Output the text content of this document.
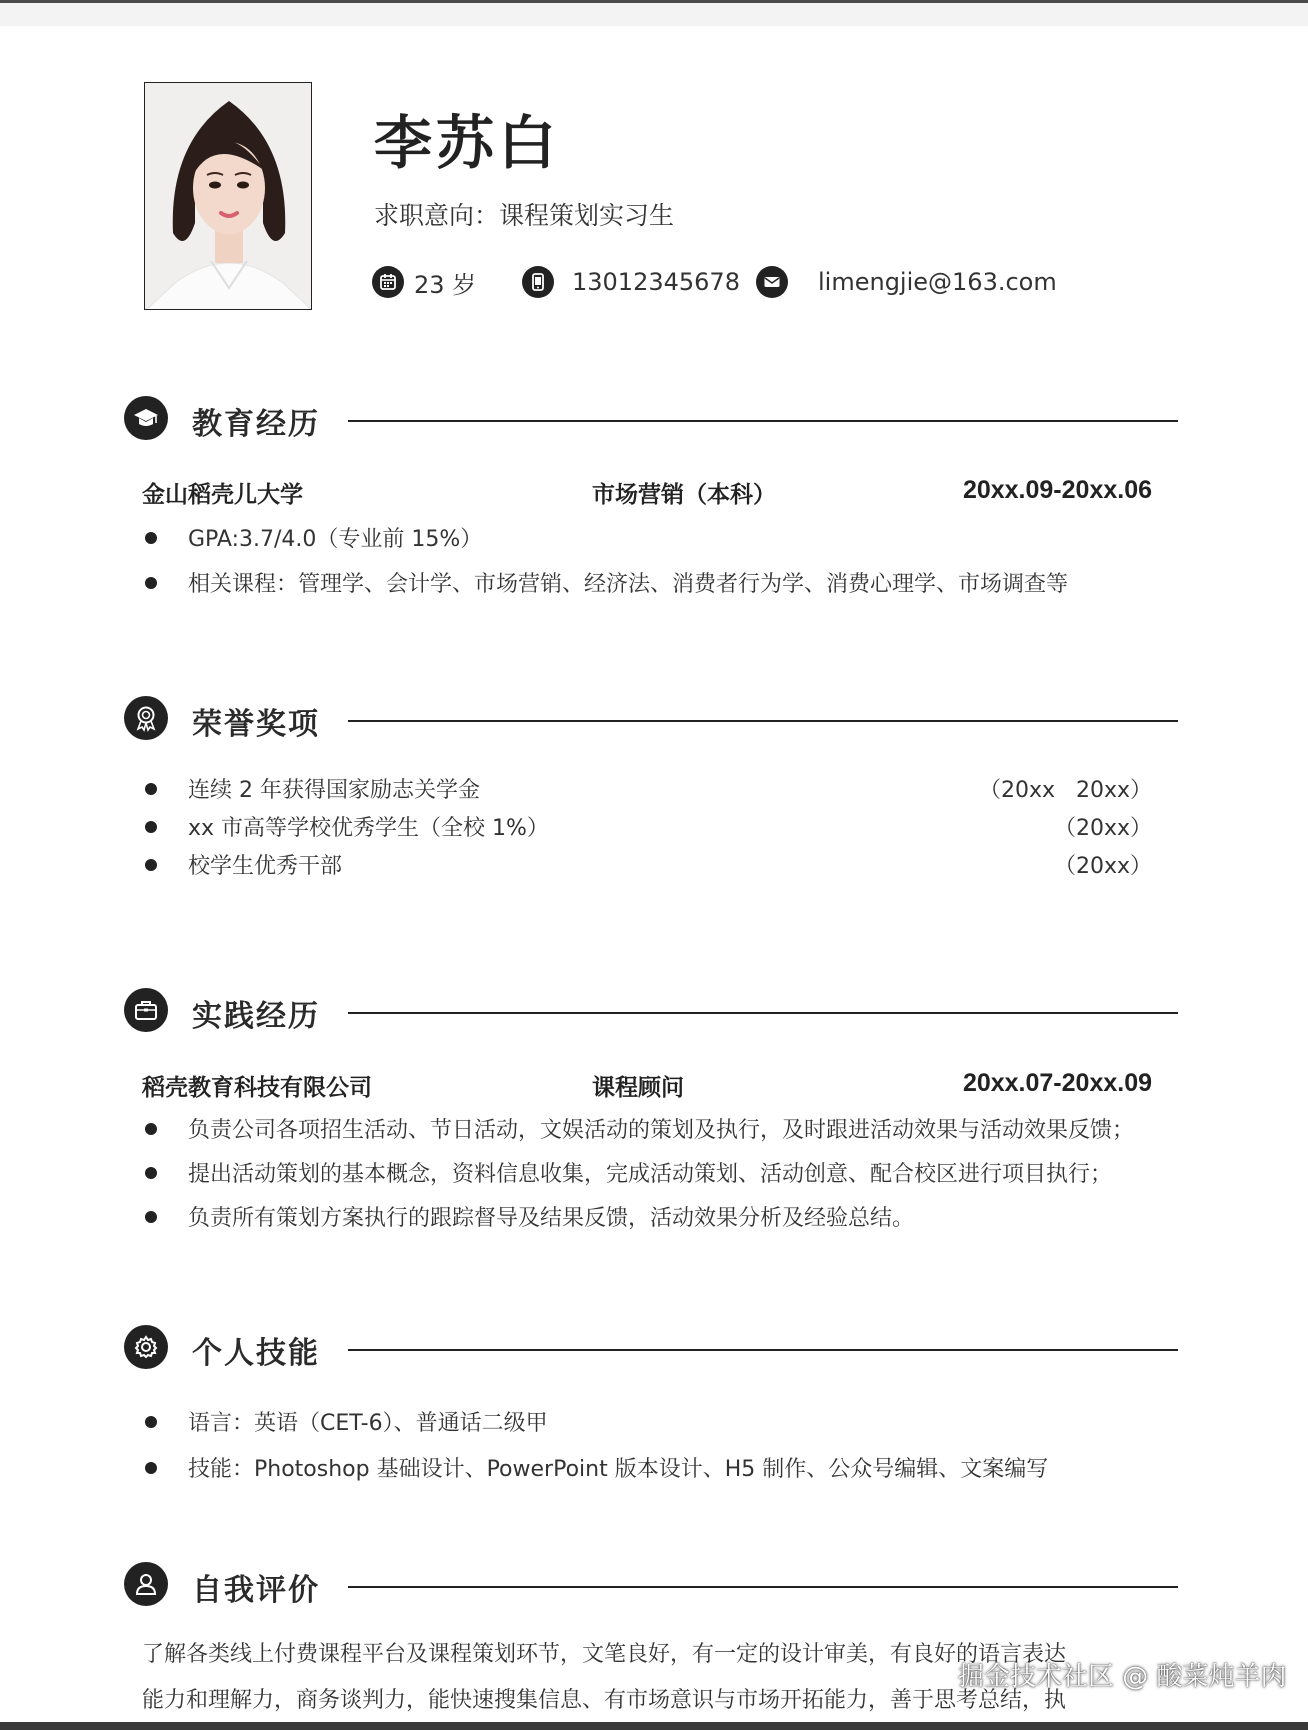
李苏白
求职意向：课程策划实习生
23 岁	13012345678	limengjie@163.com
教育经历
金山稻壳儿大学	市场营销（本科）	20xx.09-20xx.06
GPA:3.7/4.0（专业前 15%）
相关课程：管理学、会计学、市场营销、经济法、消费者行为学、消费心理学、市场调查等
荣誉奖项
连续 2 年获得国家励志关学金	（20xx   20xx）
xx 市高等学校优秀学生（全校 1%）	（20xx）
校学生优秀干部	（20xx）
实践经历
稻壳教育科技有限公司	课程顾问	20xx.07-20xx.09
负责公司各项招生活动、节日活动，文娱活动的策划及执行，及时跟进活动效果与活动效果反馈；
提出活动策划的基本概念，资料信息收集，完成活动策划、活动创意、配合校区进行项目执行；
负责所有策划方案执行的跟踪督导及结果反馈，活动效果分析及经验总结。
个人技能
语言：英语（CET-6）、普通话二级甲
技能：Photoshop 基础设计、PowerPoint 版本设计、H5 制作、公众号编辑、文案编写
自我评价
了解各类线上付费课程平台及课程策划环节，文笔良好，有一定的设计审美，有良好的语言表达
能力和理解力，商务谈判力，能快速搜集信息、有市场意识与市场开拓能力，善于思考总结，执
掘金技术社区 @ 酸菜炖羊肉
